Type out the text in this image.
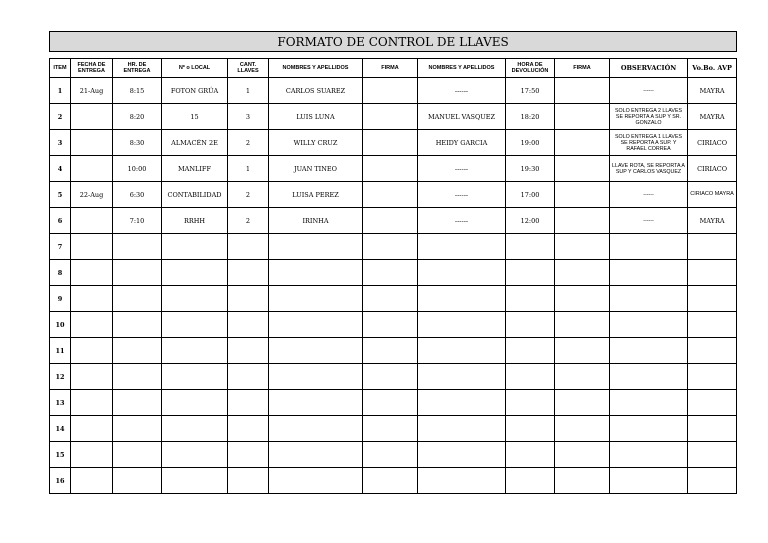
FORMATO DE CONTROL DE LLAVES											

ITEM	FECHA DE ENTREGA	HR. DE ENTREGA	Nº o LOCAL	CANT. LLAVES	NOMBRES Y APELLIDOS	FIRMA	NOMBRES Y APELLIDOS	HORA DE DEVOLUCIÓN	FIRMA	OBSERVACIÓN	Vo.Bo. AVP
1	21-Aug	8:15	FOTON GRÚA	1	CARLOS SUAREZ		------	17:50		------	MAYRA
2		8:20	15	3	LUIS LUNA		MANUEL VASQUEZ	18:20		SOLO ENTREGA 2 LLAVES SE REPORTA A SUP Y SR. GONZALO	MAYRA
3		8:30	ALMACÉN 2E	2	WILLY CRUZ		HEIDY GARCIA	19:00		SOLO ENTREGA 1 LLAVES SE REPORTA A SUP. Y RAFAEL CORREA	CIRIACO
4		10:00	MANLIFF	1	JUAN TINEO		------	19:30		LLAVE ROTA, SE REPORTA A SUP Y CARLOS VASQUEZ	CIRIACO
5	22-Aug	6:30	CONTABILIDAD	2	LUISA PEREZ		------	17:00		------	CIRIACO MAYRA
6		7:10	RRHH	2	IRINHA		------	12:00		------	MAYRA
7											
8											
9											
10											
11											
12											
13											
14											
15											
16											
